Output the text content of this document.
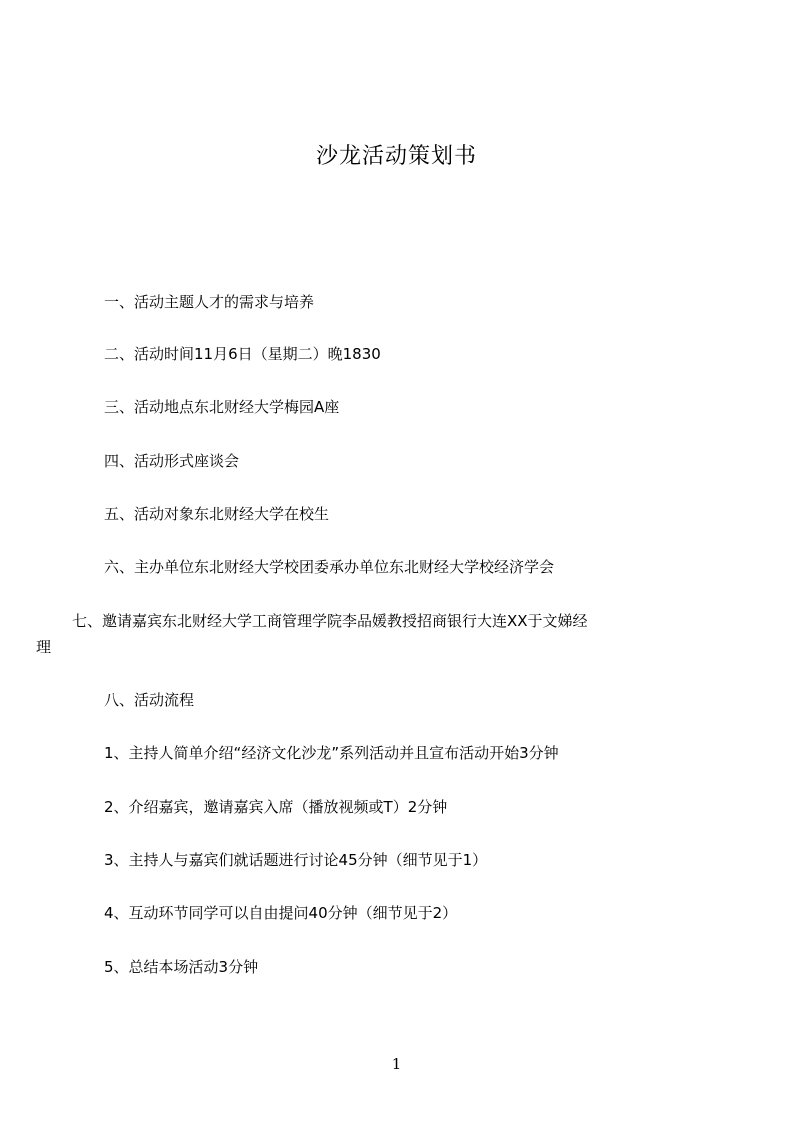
沙龙活动策划书
一、活动主题人才的需求与培养
二、活动时间11月6日（星期二）晚1830
三、活动地点东北财经大学梅园A座
四、活动形式座谈会
五、活动对象东北财经大学在校生
六、主办单位东北财经大学校团委承办单位东北财经大学校经济学会
七、邀请嘉宾东北财经大学工商管理学院李品媛教授招商银行大连XX于文娣经
理
八、活动流程
1、主持人简单介绍“经济文化沙龙”系列活动并且宣布活动开始3分钟
2、介绍嘉宾，邀请嘉宾入席（播放视频或T）2分钟
3、主持人与嘉宾们就话题进行讨论45分钟（细节见于1）
4、互动环节同学可以自由提问40分钟（细节见于2）
5、总结本场活动3分钟
1
